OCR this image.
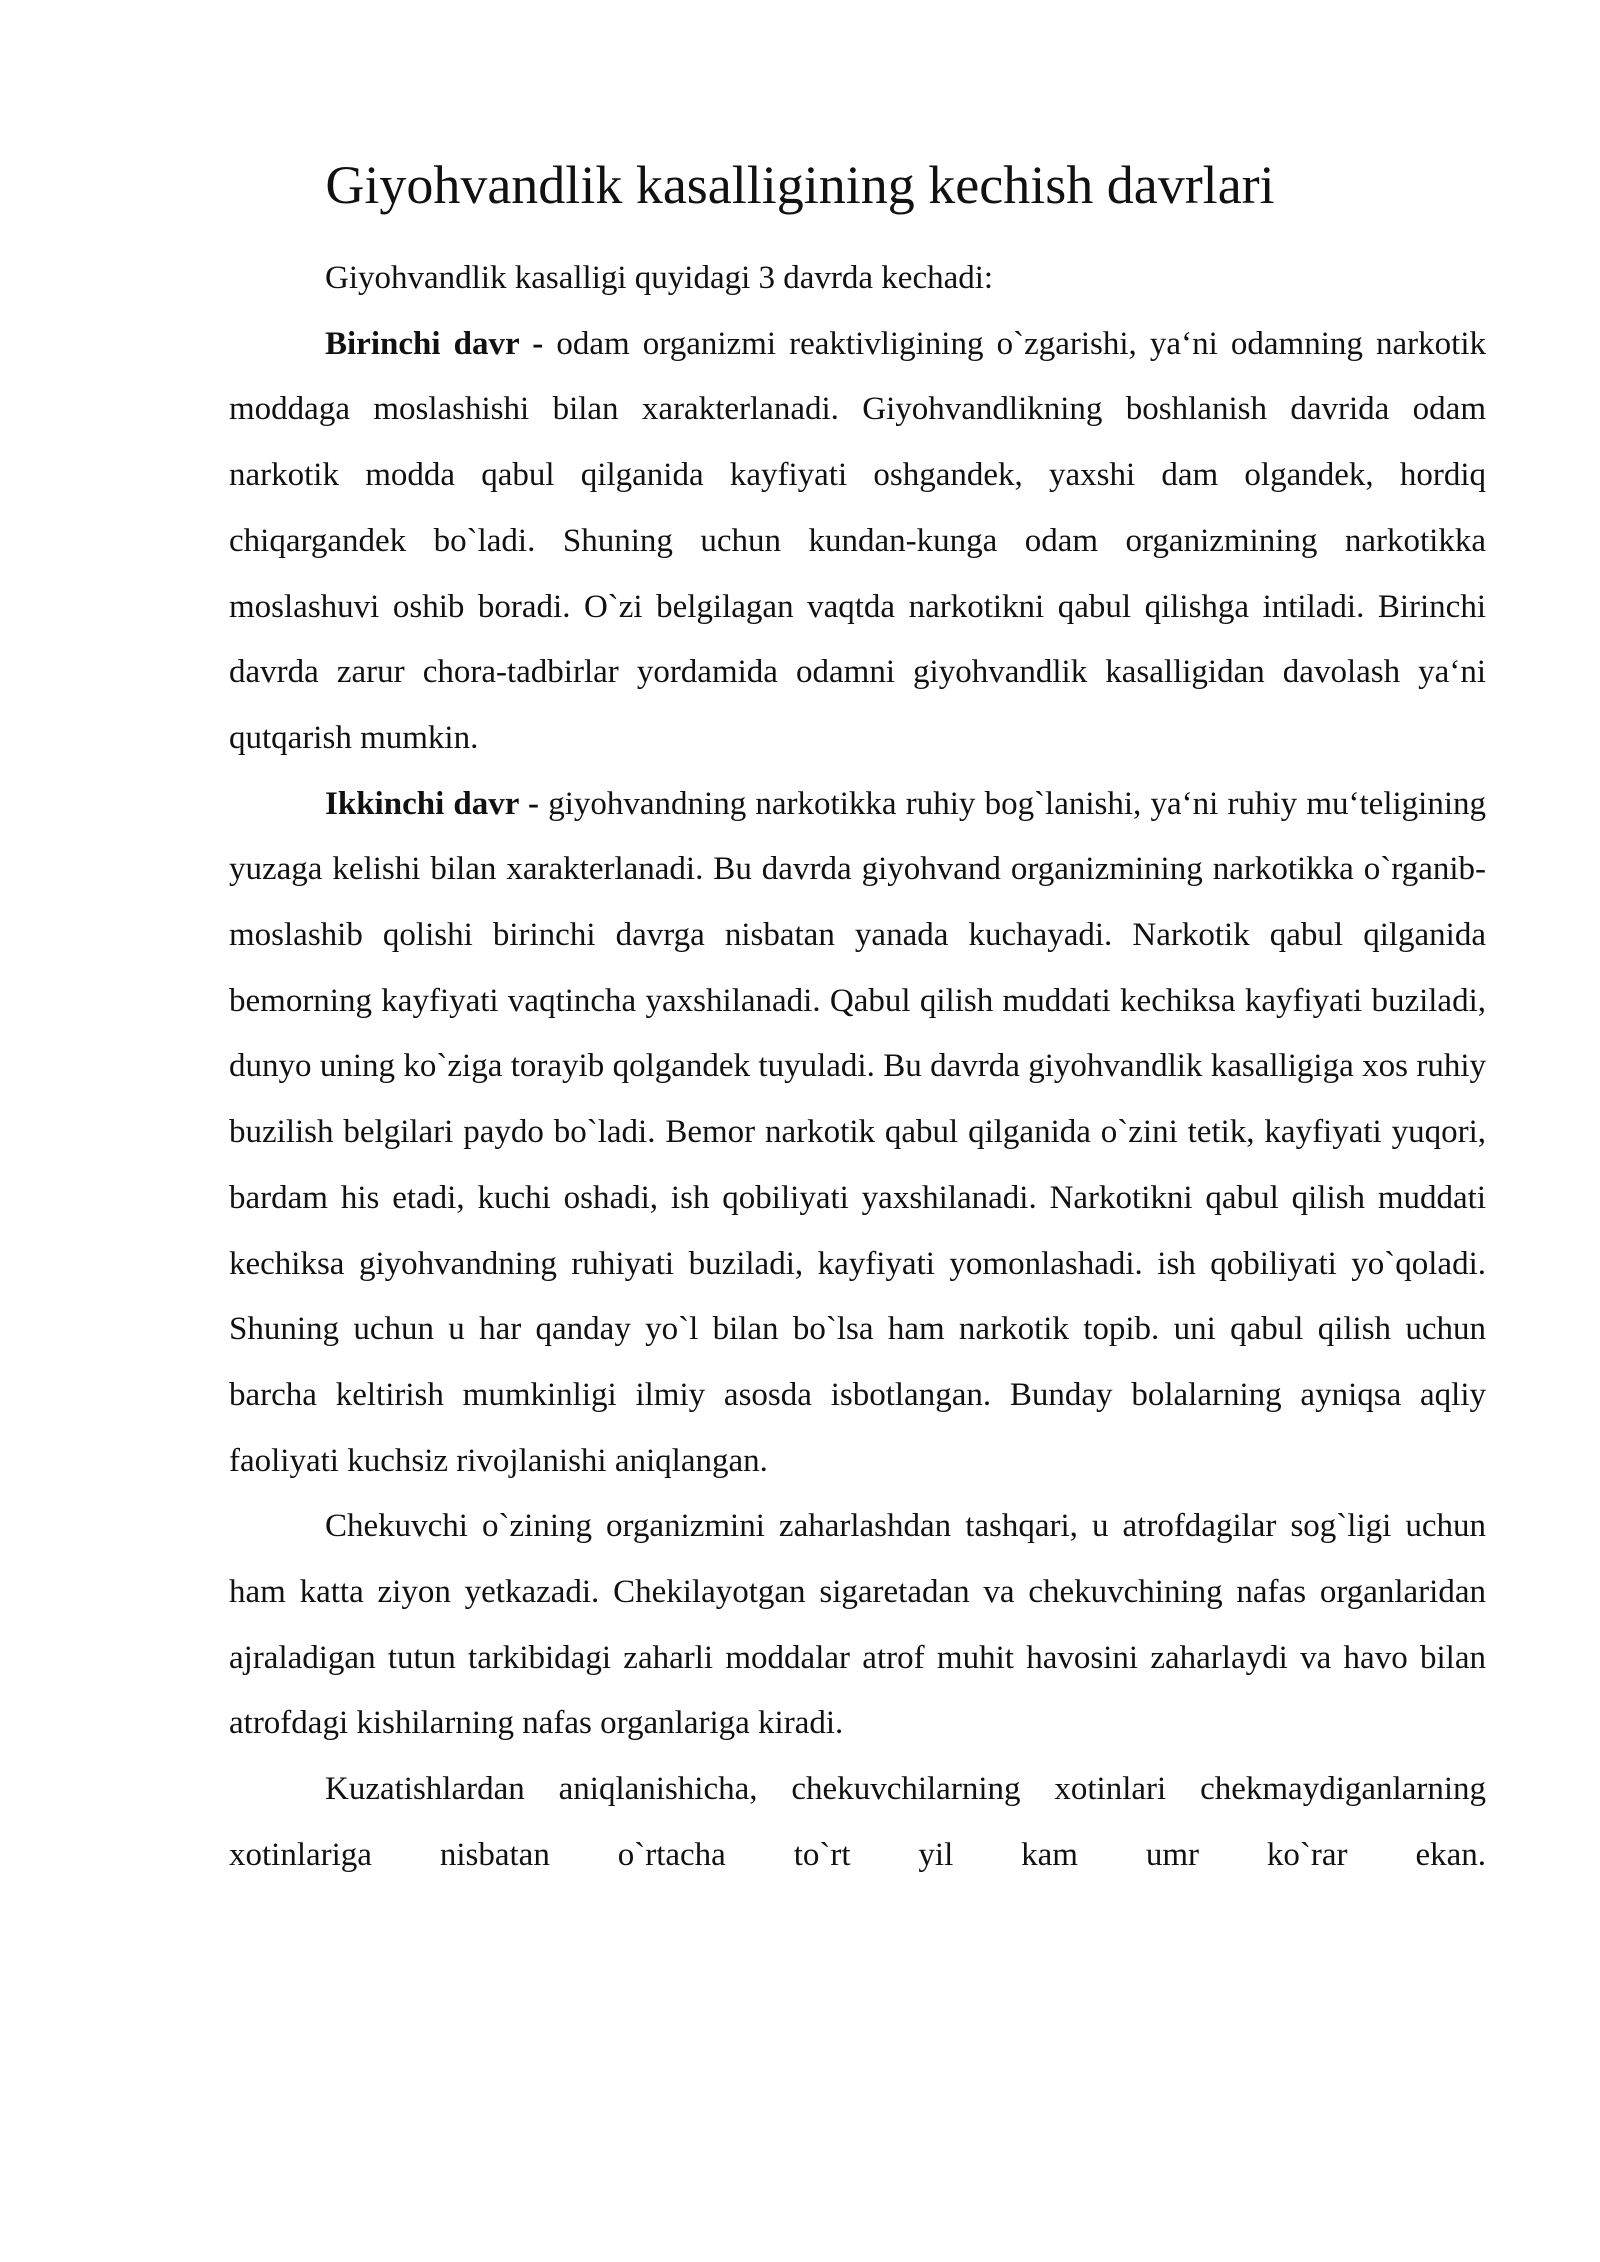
Giyohvandlik kasalligining kechish davrlari

Giyohvandlik kasalligi quyidagi 3 davrda kechadi:

Birinchi davr - odam organizmi reaktivligining o`zgarishi, ya‘ni odamning narkotik moddaga moslashishi bilan xarakterlanadi. Giyohvandlikning boshlanish davrida odam narkotik modda qabul qilganida kayfiyati oshgandek, yaxshi dam olgandek, hordiq chiqargandek bo`ladi. Shuning uchun kundan-kunga odam organizmining narkotikka moslashuvi oshib boradi. O`zi belgilagan vaqtda narkotikni qabul qilishga intiladi. Birinchi davrda zarur chora-tadbirlar yordamida odamni giyohvandlik kasalligidan davolash ya‘ni qutqarish mumkin.

Ikkinchi davr - giyohvandning narkotikka ruhiy bog`lanishi, ya‘ni ruhiy mu‘teligining yuzaga kelishi bilan xarakterlanadi. Bu davrda giyohvand organizmining narkotikka o`rganib-moslashib qolishi birinchi davrga nisbatan yanada kuchayadi. Narkotik qabul qilganida bemorning kayfiyati vaqtincha yaxshilanadi. Qabul qilish muddati kechiksa kayfiyati buziladi, dunyo uning ko`ziga torayib qolgandek tuyuladi. Bu davrda giyohvandlik kasalligiga xos ruhiy buzilish belgilari paydo bo`ladi. Bemor narkotik qabul qilganida o`zini tetik, kayfiyati yuqori, bardam his etadi, kuchi oshadi, ish qobiliyati yaxshilanadi. Narkotikni qabul qilish muddati kechiksa giyohvandning ruhiyati buziladi, kayfiyati yomonlashadi. ish qobiliyati yo`qoladi. Shuning uchun u har qanday yo`l bilan bo`lsa ham narkotik topib. uni qabul qilish uchun barcha keltirish mumkinligi ilmiy asosda isbotlangan. Bunday bolalarning ayniqsa aqliy faoliyati kuchsiz rivojlanishi aniqlangan.

Chekuvchi o`zining organizmini zaharlashdan tashqari, u atrofdagilar sog`ligi uchun ham katta ziyon yetkazadi. Chekilayotgan sigaretadan va chekuvchining nafas organlaridan ajraladigan tutun tarkibidagi zaharli moddalar atrof muhit havosini zaharlaydi va havo bilan atrofdagi kishilarning nafas organlariga kiradi.

Kuzatishlardan aniqlanishicha, chekuvchilarning xotinlari chekmaydiganlarning xotinlariga nisbatan o`rtacha to`rt yil kam umr ko`rar ekan.
